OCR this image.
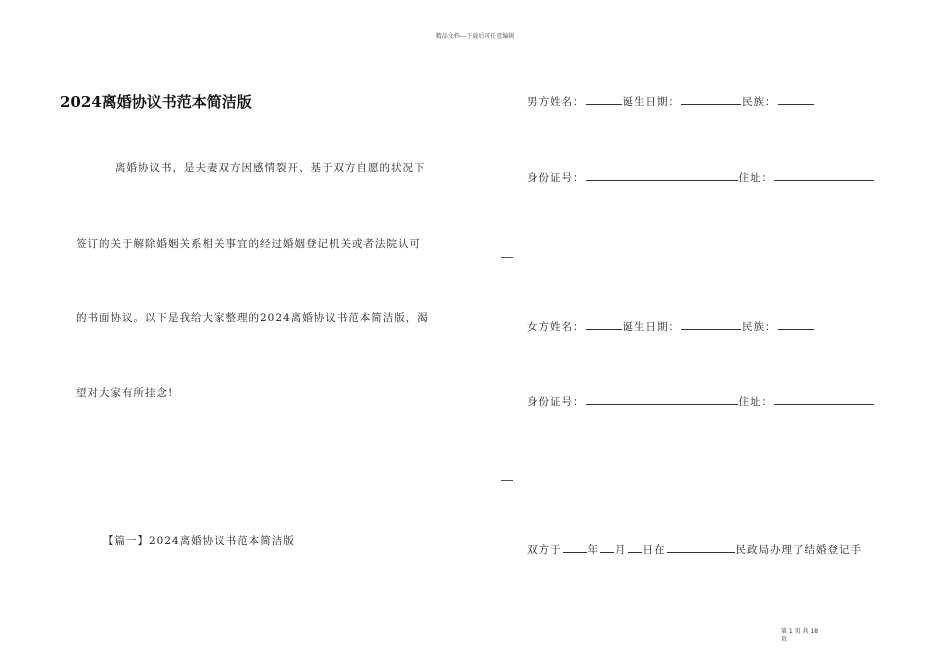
精品文档---下载后可任意编辑
2024离婚协议书范本简洁版
离婚协议书，是夫妻双方因感情裂开、基于双方自愿的状况下
签订的关于解除婚姻关系相关事宜的经过婚姻登记机关或者法院认可
的书面协议。以下是我给大家整理的2024离婚协议书范本简洁版，渴
望对大家有所挂念!
【篇一】2024离婚协议书范本简洁版
男方姓名：	诞生日期：	民族：
身份证号：	住址：
女方姓名：	诞生日期：	民族：
身份证号：	住址：
双方于 年 月 日在	民政局办理了结婚登记手
第 1 页 共 18 页
